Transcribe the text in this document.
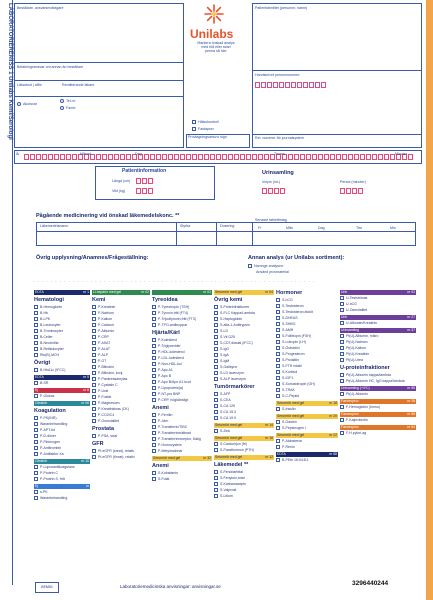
LABORATORIEREMISS 1 Unilabs Kemi/Serologi Beställare, avsvarsmottagare
Betalningsansvar om annan än beställare
Läkarkod | afför	Remitterande läkare
Akutsvar
Tel.nr:
Faxnr:
Unilabs
Markera önskad analys med blå eller svart penna så här:
Hälsokontroll
Fastaprov
Provtagningsansv.s sign
Patientidentitet (personnr, namn)
Handskrivet personnummer:
Rel. nummer för journalsystem
År	Månad	Dag	Timme	Minuter
Patientinformation
Längd (cm)
Vikt (kg)
Urinsamling
Volym (mL)	Period (minuter)
Pågående medicinering vid önskad läkemedelskonc. **
Läkemedelsnamn	Styrka	Dosering
Senaste tablettintag
Fr	Mån	Dag	Tim	Min
Övrig upplysning/Anamnes/Frågeställning:	Annan analys (ur Unilabs sortiment):
Namnge analysen:
Ansänd provmaterial
· · · · · · · · · · · · · · · · · · · · · · · · · · · · · · · · · · · · · · · · · · · · · · · · · · · · · · · · · · · · · · · ·
EDTA	nr 1
Hematologi
B-Hemoglobin
B-Hb
B-LPK
B-Leukocyter
B-Trombocyter
B-Celler
B-Neutrofila
B-Retikulocyter
Rtc(B)-MCH
Övrigt
B-HbA1c (IFCC)
EDTA	nr 5
B-SR
Ej	nr 8
P-Glukos
Citratrör	nr 06
Koagulation
P-PK(INR)
Waranbehandling
P-APT-tid
P-D-dimer
P-Fibrinogen
P-Antitrombin
P-Antifaktor Xa
Citratrör	nr 10
P-Lupusantikoagulans
P-Protein C
P-Protein S, fritt
Ej	nr
s-PK
Waranbehandling
Li-heparin med gel	nr 02
Kemi
P-Kreatinin
P-Natrium
P-Kalium
P-Calcium
P-Albumin
P-CRP
P-ASAT
P-ALAT
P-ALP
P-GT
P-Bilirubin
P-Bilirubin, konj.
P-Pankreasamylas
P-Cystatin C
P-Urat
P-Fosfat
P-Magnesium
P-Kreatinkinas (CK)
P-CO2/C4
P-Osmolalitet
Prostata
P-PSA, total
GFR
Pt-eGFR (kreat), relativ
Pt-eGFR (Kreat), relativ
nr 02
Tyreoidea
P-Tyreotropin (TSH)
P-Tyroxin,fritt (FT4)
P-Trijodtyronin,fritt (FT3)
P-TPO-antikroppar
Hjärta/Kärl
P-Kolesterol
P-Triglycerider
P-HDL-kolesterol
P-LDL-kolesterol
P-Non-HDL-kol
P-Apo A1
P-Apo B
P-Apo B/Apo A1 kvot
P-Lipoprotein(a)
P-NT-pro BNP
P-CRP, högkänsligt
Anemi
P-Ferritin
P-Järn
P-Transferrin/TIBC
P-Transferrinmättnad
P-Transferrinreceptor, löslig
P-Homocystein
P-Metylmalonat
Serumrör med gel	nr 32
Anemi
S-Kobalamin
S-Folat
Serumrör med gel	nr 04
Övrig kemi
S-Proteinfraktioner
S-FLC Kappa/Lambda
S-Haptoglobin
S-alfa-1-Antitrypsin
S-LD
S-Vit D25
S-CDT,diasial (IFCC)
S-IgG
S-IgA
S-IgM
S-Gallsyror
S-LD isoenzym
S-ALP isoenzym
Tumörmarkörer
S-AFP
S-CEA
S-CA 125
S-CA 15.3
S-CA 19.9
Serumrör med gel	nr 14
S-Zink
Serumrör med gel	nr 16
S-Calciumjon (fri)
S-Parathormon (PTH)
Serumrör med gel	nr 12
Läkemedel **
S-Fenobarbital
S-Fenytoin,total
S-Karbamazepin
S-Valproat
S-Litium
Hormoner
S-hCG
S-Testosteron
S-Testosteron,biokit
S-DHEAS
S-SHBG
S-AMH
S-Follitropin (FSH)
S-Lutropin (LH)
S-Östradiol
S-Progesteron
S-Prolaktin
S-FTH intakt
S-Kortisol
S-IGF1
S-Somatotropin (GH)
S-TRAK
S-C-Peptid
Serumrör med gel	nr 18
S-Insulin
Serumrör med gel	nr 20
S-Gastrin
S-Pepsinogen I
Serumrör med gel	nr 22
P-Aldosteron
P-Renin
EDTA	nr 68
B-PEth 16:0/18:1
Urin	nr 02
U-Teststrimas
U-hCG
U-Osmolalitet
Urin	nr 27
U-Albumin/Kreatinin
Urinsamling	nr 37
Pt(U)-Albumin, mikro
Pt(U)-Natrium
Pt(U)-Kalium
Pt(U)-Kreatinin
Pt(U)-Urea
U-proteinfraktioner
Pt(U)-Albumin kappa/lambda
Pt(U)-Albumin HC, IgG kappa/lambda
Urinsamling (+4ºC)	nr 56
Pt(U)-Albumin
Faecesprov	nr 26
F-Hemoglobin (Immu)
Faecesprov	nr 58
F-Kalprotectin
Faecesprov	nr 64
F-H.pylori-ag
KEM01	Laboratoriemedicinska anvisningar: anvisningar.se	3296440244
